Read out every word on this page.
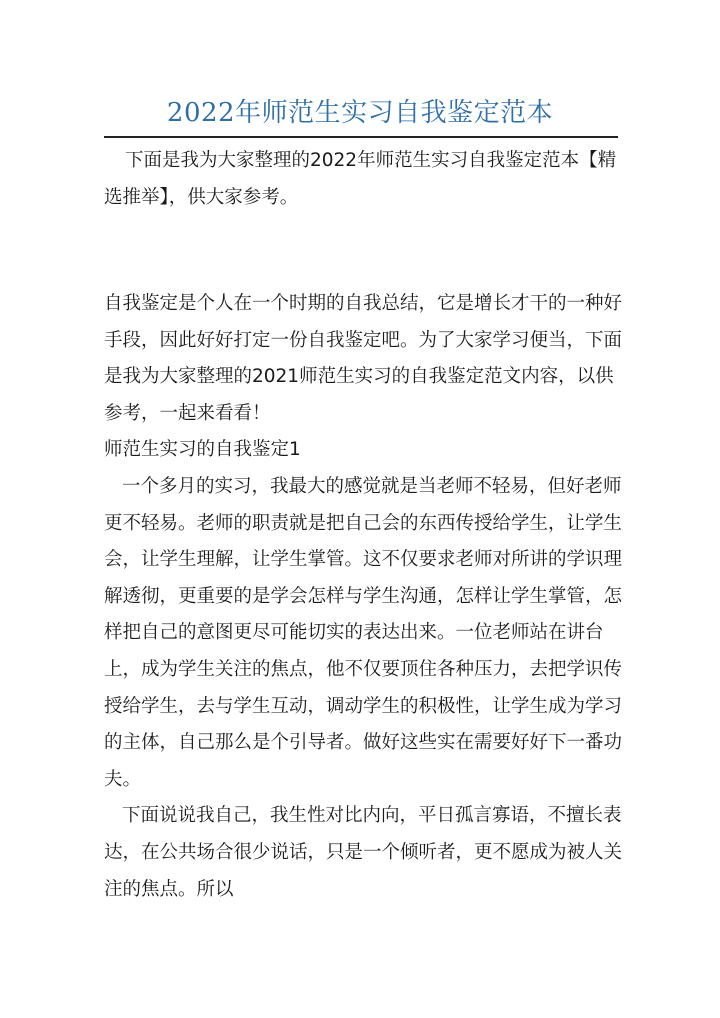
2022年师范生实习自我鉴定范本

下面是我为大家整理的2022年师范生实习自我鉴定范本【精选推举】，供大家参考。

自我鉴定是个人在一个时期的自我总结，它是增长才干的一种好手段，因此好好打定一份自我鉴定吧。为了大家学习便当，下面是我为大家整理的2021师范生实习的自我鉴定范文内容，以供参考，一起来看看！

师范生实习的自我鉴定1

一个多月的实习，我最大的感觉就是当老师不轻易，但好老师更不轻易。老师的职责就是把自己会的东西传授给学生，让学生会，让学生理解，让学生掌管。这不仅要求老师对所讲的学识理解透彻，更重要的是学会怎样与学生沟通，怎样让学生掌管，怎样把自己的意图更尽可能切实的表达出来。一位老师站在讲台上，成为学生关注的焦点，他不仅要顶住各种压力，去把学识传授给学生，去与学生互动，调动学生的积极性，让学生成为学习的主体，自己那么是个引导者。做好这些实在需要好好下一番功夫。

下面说说我自己，我生性对比内向，平日孤言寡语，不擅长表达，在公共场合很少说话，只是一个倾听者，更不愿成为被人关注的焦点。所以
